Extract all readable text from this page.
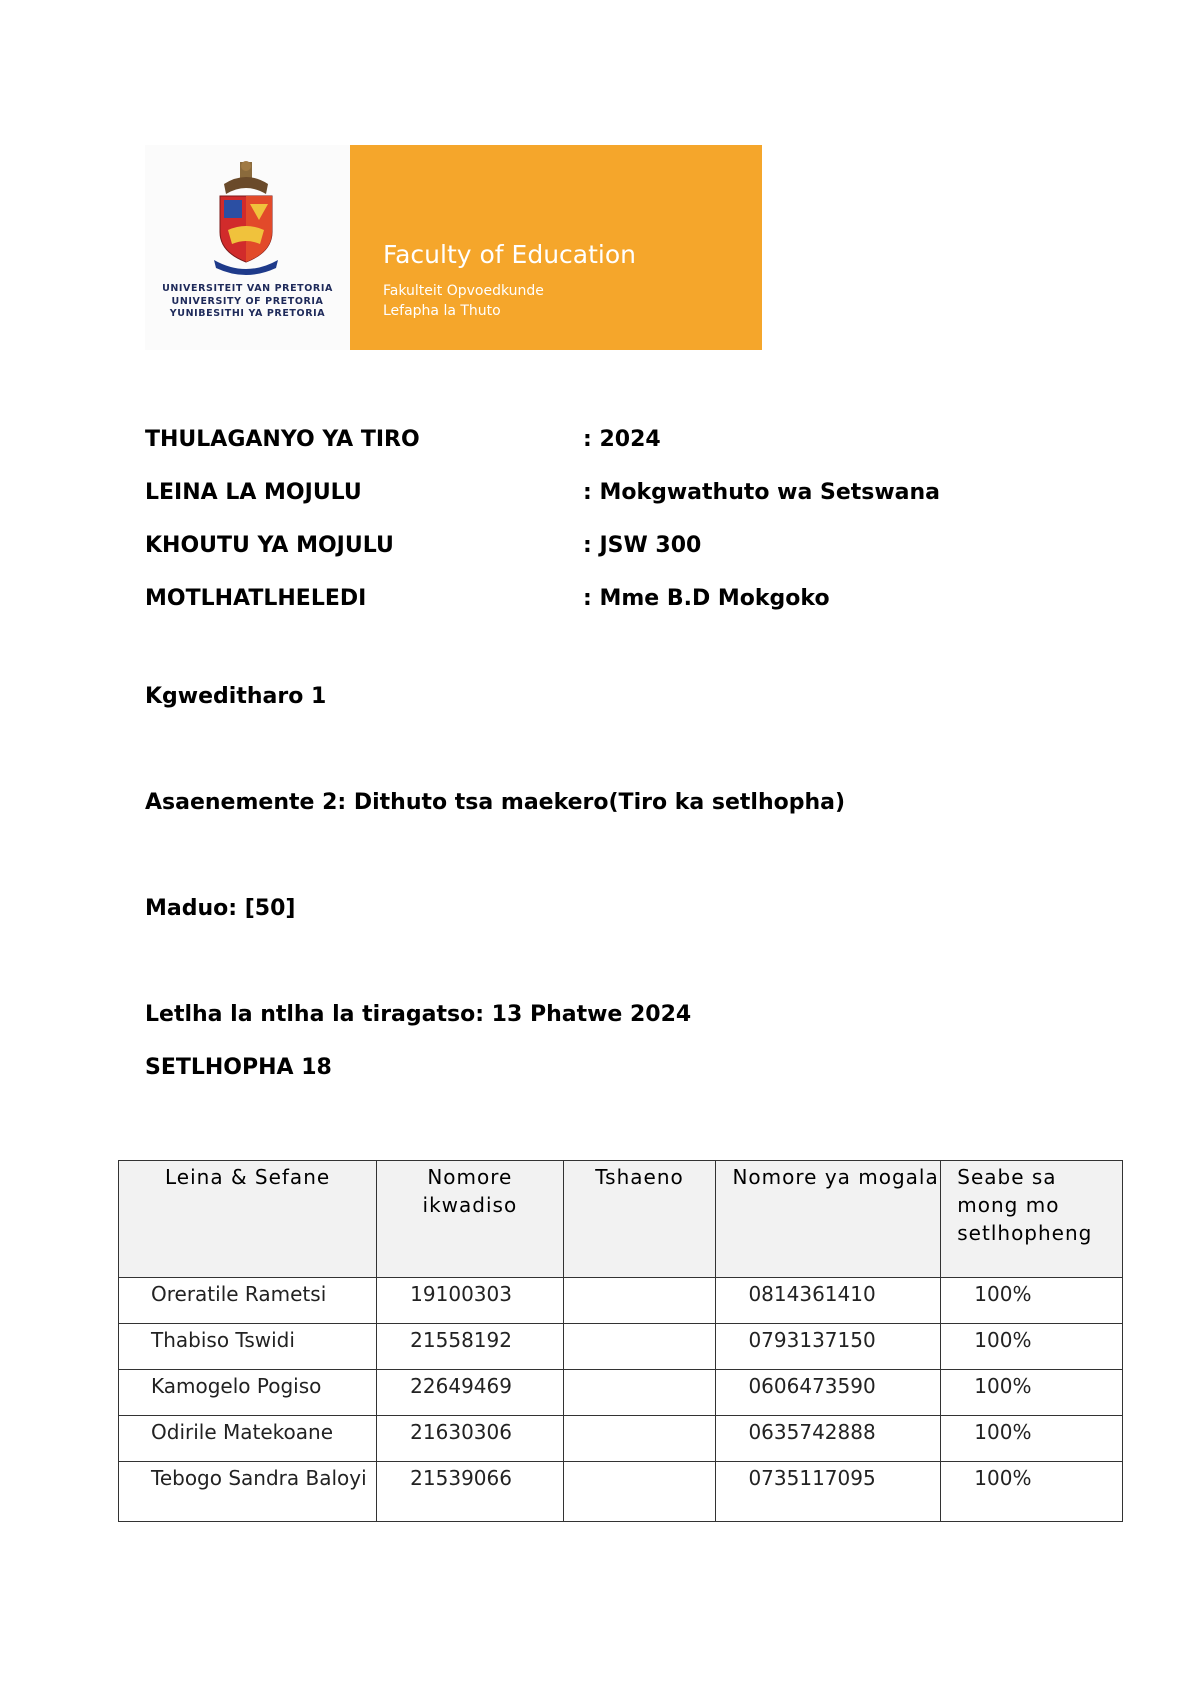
UNIVERSITEIT VAN PRETORIA
UNIVERSITY OF PRETORIA
YUNIBESITHI YA PRETORIA
Faculty of Education
Fakulteit Opvoedkunde
Lefapha la Thuto
THULAGANYO YA TIRO	: 2024
LEINA LA MOJULU	: Mokgwathuto wa Setswana
KHOUTU YA MOJULU	: JSW 300
MOTLHATLHELEDI	: Mme B.D Mokgoko
Kgweditharo 1
Asaenemente 2: Dithuto tsa maekero(Tiro ka setlhopha)
Maduo: [50]
Letlha la ntlha la tiragatso: 13 Phatwe 2024
SETLHOPHA 18
Leina & Sefane	Nomore ikwadiso	Tshaeno	Nomore ya mogala	Seabe sa mong mo setlhopheng
Oreratile Rametsi	19100303		0814361410	100%
Thabiso Tswidi	21558192		0793137150	100%
Kamogelo Pogiso	22649469		0606473590	100%
Odirile Matekoane	21630306		0635742888	100%
Tebogo Sandra Baloyi	21539066		0735117095	100%
